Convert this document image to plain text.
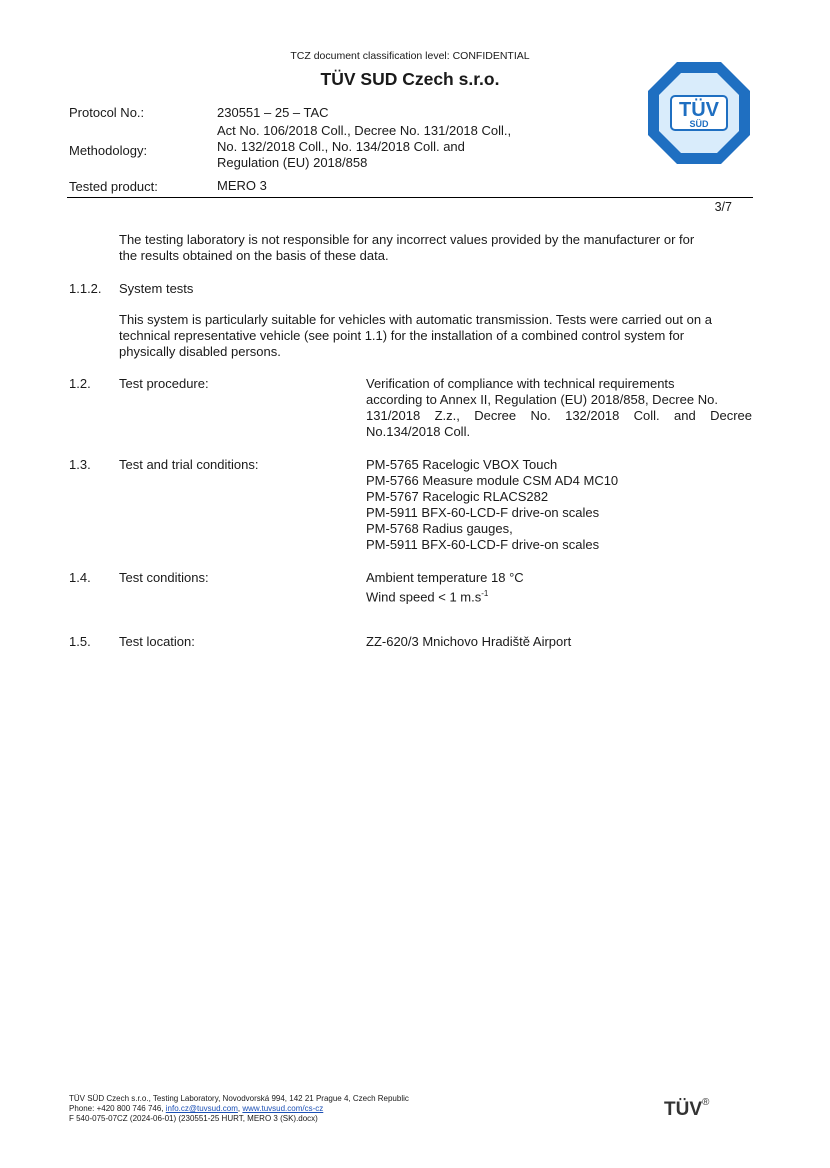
TCZ document classification level: CONFIDENTIAL
TÜV SUD Czech s.r.o.
TÜV
SÜD
Protocol No.:	230551 – 25 – TAC
Methodology:
Act No. 106/2018 Coll., Decree No. 131/2018 Coll.,
No. 132/2018 Coll., No. 134/2018 Coll. and
Regulation (EU) 2018/858
Tested product:	MERO 3
3/7
The testing laboratory is not responsible for any incorrect values provided by the manufacturer or for
the results obtained on the basis of these data.
1.1.2. System tests
This system is particularly suitable for vehicles with automatic transmission. Tests were carried out on a
technical representative vehicle (see point 1.1) for the installation of a combined control system for
physically disabled persons.
1.2. Test procedure:	Verification of compliance with technical requirements
according to Annex II, Regulation (EU) 2018/858, Decree No.
131/2018 Z.z., Decree No. 132/2018 Coll. and Decree
No.134/2018 Coll.
1.3. Test and trial conditions:	PM-5765 Racelogic VBOX Touch
PM-5766 Measure module CSM AD4 MC10
PM-5767 Racelogic RLACS282
PM-5911 BFX-60-LCD-F drive-on scales
PM-5768 Radius gauges,
PM-5911 BFX-60-LCD-F drive-on scales
1.4. Test conditions:	Ambient temperature 18 °C
Wind speed < 1 $m.s^{-1}$
1.5. Test location:	ZZ-620/3 Mnichovo Hradiště Airport
TÜV SÜD Czech s.r.o., Testing Laboratory, Novodvorská 994, 142 21 Prague 4, Czech Republic
Phone: +420 800 746 746, info.cz@tuvsud.com, www.tuvsud.com/cs-cz
F 540-075-07CZ (2024-06-01) (230551-25 HURT, MERO 3 (SK).docx)	TÜV®
